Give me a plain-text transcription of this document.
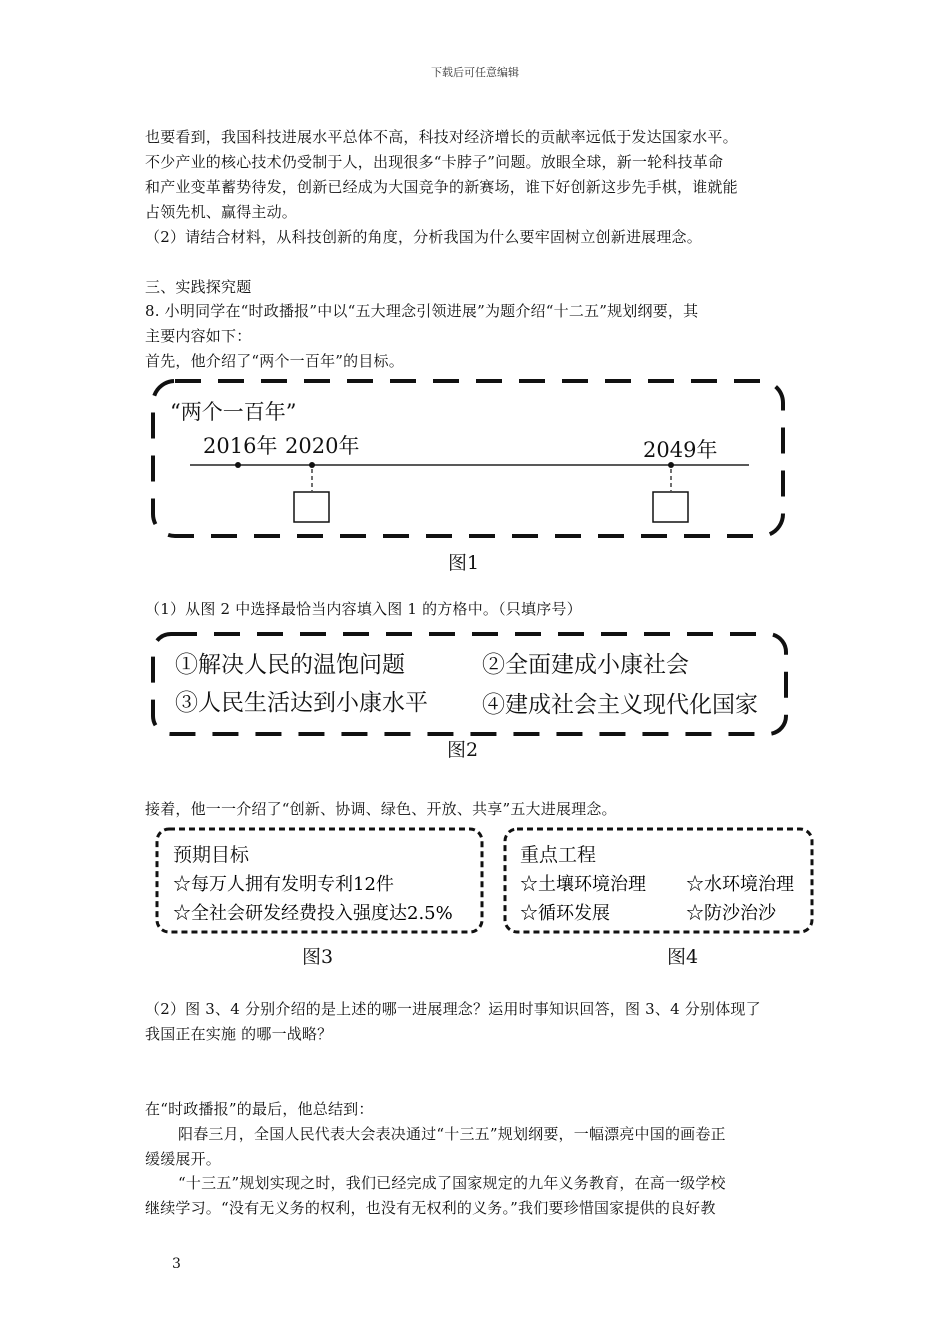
下载后可任意编辑
也要看到，我国科技进展水平总体不高，科技对经济增长的贡献率远低于发达国家水平。
不少产业的核心技术仍受制于人，出现很多“卡脖子”问题。放眼全球，新一轮科技革命
和产业变革蓄势待发，创新已经成为大国竞争的新赛场，谁下好创新这步先手棋，谁就能
占领先机、赢得主动。
（2）请结合材料，从科技创新的角度，分析我国为什么要牢固树立创新进展理念。
三、实践探究题
8. 小明同学在“时政播报”中以“五大理念引领进展”为题介绍“十二五”规划纲要，其
主要内容如下：
首先，他介绍了“两个一百年”的目标。
“两个一百年”
2016年 2020年	2049年
图1
（1）从图 2 中选择最恰当内容填入图 1 的方格中。（只填序号）
①解决人民的温饱问题	②全面建成小康社会
③人民生活达到小康水平 ④建成社会主义现代化国家
图2
接着，他一一介绍了“创新、协调、绿色、开放、共享”五大进展理念。
预期目标
☆每万人拥有发明专利12件
☆全社会研发经费投入强度达2.5%
重点工程
☆土壤环境治理 ☆水环境治理
☆循环发展	☆防沙治沙
图3	图4
（2）图 3、4 分别介绍的是上述的哪一进展理念？运用时事知识回答，图 3、4 分别体现了
我国正在实施 的哪一战略？
在“时政播报”的最后，他总结到：
阳春三月，全国人民代表大会表决通过“十三五”规划纲要，一幅漂亮中国的画卷正
缓缓展开。
“十三五”规划实现之时，我们已经完成了国家规定的九年义务教育，在高一级学校
继续学习。“没有无义务的权利，也没有无权利的义务。”我们要珍惜国家提供的良好教
3
